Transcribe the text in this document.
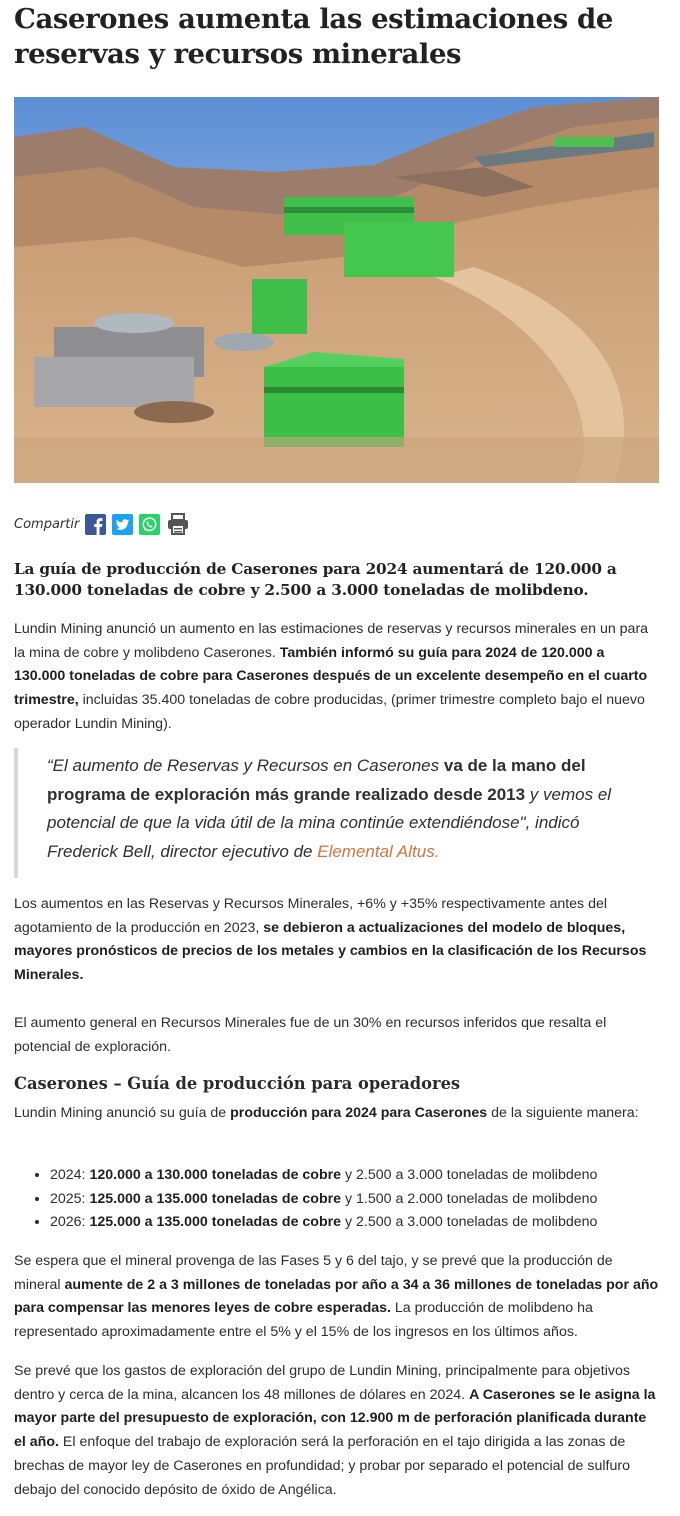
Caserones aumenta las estimaciones de reservas y recursos minerales
Compartir
La guía de producción de Caserones para 2024 aumentará de 120.000 a 130.000 toneladas de cobre y 2.500 a 3.000 toneladas de molibdeno.

Lundin Mining anunció un aumento en las estimaciones de reservas y recursos minerales en un para la mina de cobre y molibdeno Caserones. También informó su guía para 2024 de 120.000 a 130.000 toneladas de cobre para Caserones después de un excelente desempeño en el cuarto trimestre, incluidas 35.400 toneladas de cobre producidas, (primer trimestre completo bajo el nuevo operador Lundin Mining).

“El aumento de Reservas y Recursos en Caserones va de la mano del programa de exploración más grande realizado desde 2013 y vemos el potencial de que la vida útil de la mina continúe extendiéndose", indicó Frederick Bell, director ejecutivo de Elemental Altus.

Los aumentos en las Reservas y Recursos Minerales, +6% y +35% respectivamente antes del agotamiento de la producción en 2023, se debieron a actualizaciones del modelo de bloques, mayores pronósticos de precios de los metales y cambios en la clasificación de los Recursos Minerales.

El aumento general en Recursos Minerales fue de un 30% en recursos inferidos que resalta el potencial de exploración.

Caserones – Guía de producción para operadores

Lundin Mining anunció su guía de producción para 2024 para Caserones de la siguiente manera:

• 2024: 120.000 a 130.000 toneladas de cobre y 2.500 a 3.000 toneladas de molibdeno
• 2025: 125.000 a 135.000 toneladas de cobre y 1.500 a 2.000 toneladas de molibdeno
• 2026: 125.000 a 135.000 toneladas de cobre y 2.500 a 3.000 toneladas de molibdeno

Se espera que el mineral provenga de las Fases 5 y 6 del tajo, y se prevé que la producción de mineral aumente de 2 a 3 millones de toneladas por año a 34 a 36 millones de toneladas por año para compensar las menores leyes de cobre esperadas. La producción de molibdeno ha representado aproximadamente entre el 5% y el 15% de los ingresos en los últimos años.

Se prevé que los gastos de exploración del grupo de Lundin Mining, principalmente para objetivos dentro y cerca de la mina, alcancen los 48 millones de dólares en 2024. A Caserones se le asigna la mayor parte del presupuesto de exploración, con 12.900 m de perforación planificada durante el año. El enfoque del trabajo de exploración será la perforación en el tajo dirigida a las zonas de brechas de mayor ley de Caserones en profundidad; y probar por separado el potencial de sulfuro debajo del conocido depósito de óxido de Angélica.
